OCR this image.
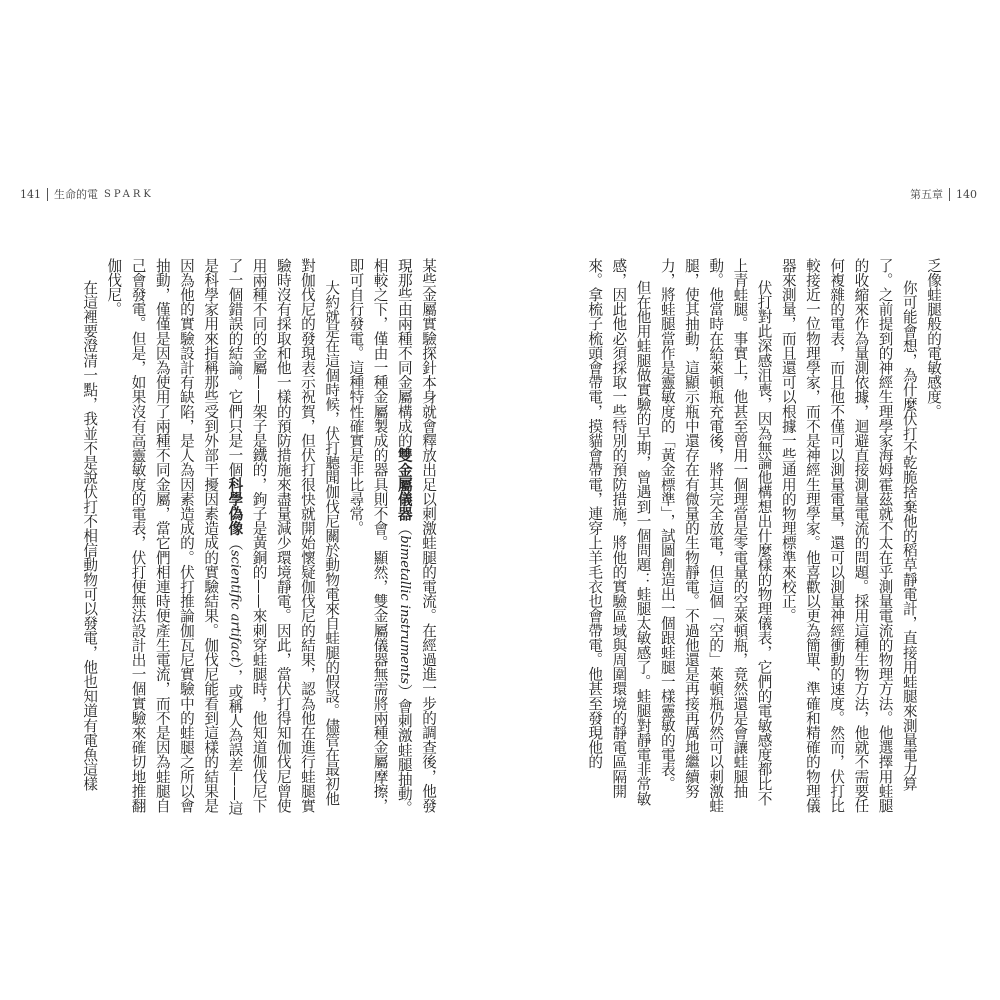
141 生命的電 SPARK	第五章 140

乏像蛙腿般的電敏感度。

你可能會想，為什麼伏打不乾脆捨棄他的稻草靜電計，直接用蛙腿來測量電力算了。之前提到的神經生理學家海姆霍茲就不太在乎測量電流的物理方法。他選擇用蛙腿的收縮來作為量測依據，迴避直接測量電流的問題。採用這種生物方法，他就不需要任何複雜的電表，而且他不僅可以測量電量，還可以測量神經衝動的速度。然而，伏打比較接近一位物理學家，而不是神經生理學家。他喜歡以更為簡單、準確和精確的物理儀器來測量，而且還可以根據一些通用的物理標準來校正。

伏打對此深感沮喪，因為無論他構想出什麼樣的物理儀表，它們的電敏感度都比不上青蛙腿。事實上，他甚至曾用一個理當是零電量的空萊頓瓶，竟然還是會讓蛙腿抽動。他當時在給萊頓瓶充電後，將其完全放電，但這個「空的」萊頓瓶仍然可以刺激蛙腿，使其抽動，這顯示瓶中還存在有微量的生物靜電。不過他還是再接再厲地繼續努力，將蛙腿當作是靈敏度的「黃金標準」，試圖創造出一個跟蛙腿一樣靈敏的電表。

但在他用蛙腿做實驗的早期，曾遇到一個問題：蛙腿太敏感了。蛙腿對靜電非常敏感，因此他必須採取一些特別的預防措施，將他的實驗區域與周圍環境的靜電區隔開來。拿梳子梳頭會帶電，摸貓會帶電，連穿上羊毛衣也會帶電。他甚至發現他的

某些金屬實驗探針本身就會釋放出足以刺激蛙腿的電流。在經過進一步的調查後，他發現那些由兩種不同金屬構成的雙金屬儀器（bimetallic instruments）會刺激蛙腿抽動。相較之下，僅由一種金屬製成的器具則不會。顯然，雙金屬儀器無需將兩種金屬摩擦，即可自行發電。這種特性確實是非比尋常。

大約就是在這個時候，伏打聽聞伽伐尼關於動物電來自蛙腿的假設。儘管在最初他對伽伐尼的發現表示祝賀，但伏打很快就開始懷疑伽伐尼的結果，認為他在進行蛙腿實驗時沒有採取和他一樣的預防措施來盡量減少環境靜電。因此，當伏打得知伽伐尼曾使用兩種不同的金屬——架子是鐵的，鉤子是黃銅的——來刺穿蛙腿時，他知道伽伐尼下了一個錯誤的結論。它們只是一個科學偽像（scientific artifact），或稱人為誤差——這是科學家用來指稱那些受到外部干擾因素造成的實驗結果。伽伐尼能看到這樣的結果是因為他的實驗設計有缺陷，是人為因素造成的。伏打推論伽瓦尼實驗中的蛙腿之所以會抽動，僅僅是因為使用了兩種不同金屬，當它們相連時便產生電流，而不是因為蛙腿自己會發電。但是，如果沒有高靈敏度的電表，伏打便無法設計出一個實驗來確切地推翻伽伐尼。

在這裡要澄清一點，我並不是說伏打不相信動物可以發電，他也知道有電魚這樣
